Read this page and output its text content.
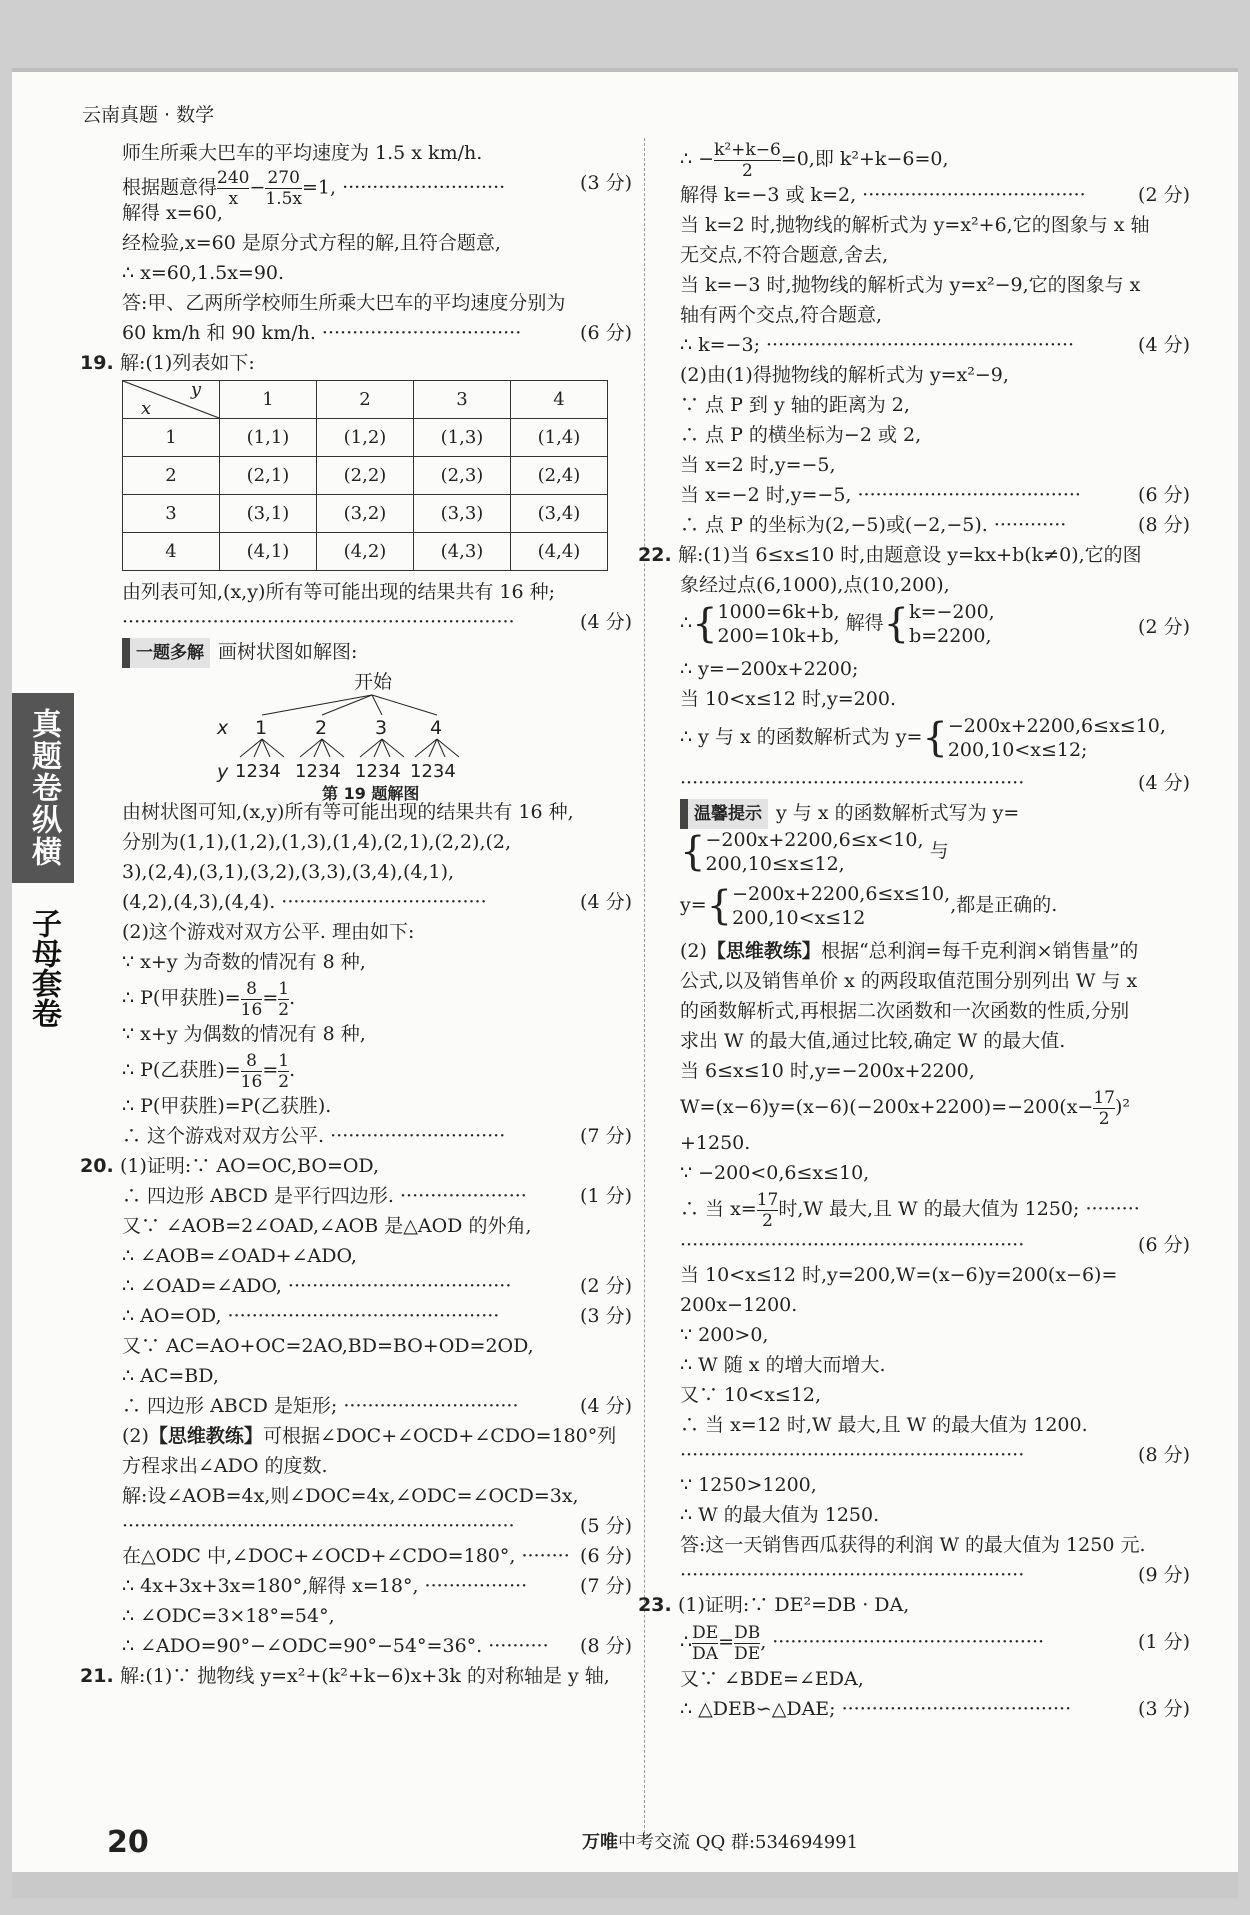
云南真题 · 数学
真题卷纵横
子母套卷
师生所乘大巴车的平均速度为 1.5 x km/h.
根据题意得 $\frac{240}{x} - \frac{270}{1.5x} =1$, ···························	(3 分)
解得 x=60,
经检验,x=60 是原分式方程的解,且符合题意,
∴ x=60,1.5x=90.
答:甲、乙两所学校师生所乘大巴车的平均速度分别为
60 km/h 和 90 km/h. ·································	(6 分)
19. 解:(1)列表如下:
y
x	1	2	3	4
1	(1,1)	(1,2)	(1,3)	(1,4)
2	(2,1)	(2,2)	(2,3)	(2,4)
3	(3,1)	(3,2)	(3,3)	(3,4)
4	(4,1)	(4,2)	(4,3)	(4,4)
由列表可知,(x,y)所有等可能出现的结果共有 16 种;
·································································	(4 分)
一题多解 画树状图如解图:
开始
x 1	2	3 4
y 1234 1234 1234 1234
第 19 题解图
由树状图可知,(x,y)所有等可能出现的结果共有 16 种,
分别为(1,1),(1,2),(1,3),(1,4),(2,1),(2,2),(2,
3),(2,4),(3,1),(3,2),(3,3),(3,4),(4,1),
(4,2),(4,3),(4,4). ··································	(4 分)
(2)这个游戏对双方公平. 理由如下:
∵ x+y 为奇数的情况有 8 种,
∴ P(甲获胜)= $\frac{8}{16} = \frac{1}{2}$ .
∵ x+y 为偶数的情况有 8 种,
∴ P(乙获胜)= $\frac{8}{16} = \frac{1}{2}$ .
∴ P(甲获胜)=P(乙获胜).
∴ 这个游戏对双方公平. ·····························	(7 分)
20. (1)证明:∵ AO=OC,BO=OD,
∴ 四边形 ABCD 是平行四边形. ·····················	(1 分)
又∵ ∠AOB=2∠OAD,∠AOB 是△AOD 的外角,
∴ ∠AOB=∠OAD+∠ADO,
∴ ∠OAD=∠ADO, ·····································	(2 分)
∴ AO=OD, ·············································	(3 分)
又∵ AC=AO+OC=2AO,BD=BO+OD=2OD,
∴ AC=BD,
∴ 四边形 ABCD 是矩形; ·····························	(4 分)
(2)【思维教练】可根据∠DOC+∠OCD+∠CDO=180°列
方程求出∠ADO 的度数.
解:设∠AOB=4x,则∠DOC=4x,∠ODC=∠OCD=3x,
·································································	(5 分)
在△ODC 中,∠DOC+∠OCD+∠CDO=180°, ········ (6 分)
∴ 4x+3x+3x=180°,解得 x=18°, ·················	(7 分)
∴ ∠ODC=3×18°=54°,
∴ ∠ADO=90°−∠ODC=90°−54°=36°. ·········· (8 分)
21. 解:(1)∵ 抛物线 y=x²+(k²+k−6)x+3k 的对称轴是 y 轴,
∴ − $\frac{\text{k²+k−6}}{2} =0$,即 k²+k−6=0,
解得 k=−3 或 k=2, ·····································	(2 分)
当 k=2 时,抛物线的解析式为 y=x²+6,它的图象与 x 轴
无交点,不符合题意,舍去,
当 k=−3 时,抛物线的解析式为 y=x²−9,它的图象与 x
轴有两个交点,符合题意,
∴ k=−3; ···················································	(4 分)
(2)由(1)得抛物线的解析式为 y=x²−9,
∵ 点 P 到 y 轴的距离为 2,
∴ 点 P 的横坐标为−2 或 2,
当 x=2 时,y=−5,
当 x=−2 时,y=−5, ·····································	(6 分)
∴ 点 P 的坐标为(2,−5)或(−2,−5). ············	(8 分)
22. 解:(1)当 6≤x≤10 时,由题意设 y=kx+b(k≠0),它的图
象经过点(6,1000),点(10,200),
∴{1000=6k+b,
200=10k+b, 解得{k=−200,
b=2200,	(2 分)
∴ y=−200x+2200;
当 10<x≤12 时,y=200.
∴ y 与 x 的函数解析式为 y={−200x+2200,6≤x≤10,
200,10<x≤12;
·························································	(4 分)
温馨提示 y 与 x 的函数解析式写为 y=
{−200x+2200,6≤x<10,
200,10≤x≤12, 与
y={−200x+2200,6≤x≤10,
200,10<x≤12,都是正确的.
(2)【思维教练】根据“总利润=每千克利润×销售量”的
公式,以及销售单价 x 的两段取值范围分别列出 W 与 x
的函数解析式,再根据二次函数和一次函数的性质,分别
求出 W 的最大值,通过比较,确定 W 的最大值.
当 6≤x≤10 时,y=−200x+2200,
$W=(x-6)y=(x-6)(-200x+2200)=-200(x- \frac{17}{2} )^2$
+1250.
∵ −200<0,6≤x≤10,
∴ 当 $x= \frac{17}{2}$ 时,W 最大,且 W 的最大值为 1250; ·········
·························································	(6 分)
当 10<x≤12 时,y=200,W=(x−6)y=200(x−6)=
200x−1200.
∵ 200>0,
∴ W 随 x 的增大而增大.
又∵ 10<x≤12,
∴ 当 x=12 时,W 最大,且 W 的最大值为 1200.
·························································	(8 分)
∵ 1250>1200,
∴ W 的最大值为 1250.
答:这一天销售西瓜获得的利润 W 的最大值为 1250 元.
·························································	(9 分)
23. (1)证明:∵ DE²=DB · DA,
∴ $\frac{DE}{DA} = \frac{DB}{DE}$ , ·············································	(1 分)
又∵ ∠BDE=∠EDA,
∴ △DEB∽△DAE; ······································	(3 分)
20	万唯中考交流 QQ 群:534694991
